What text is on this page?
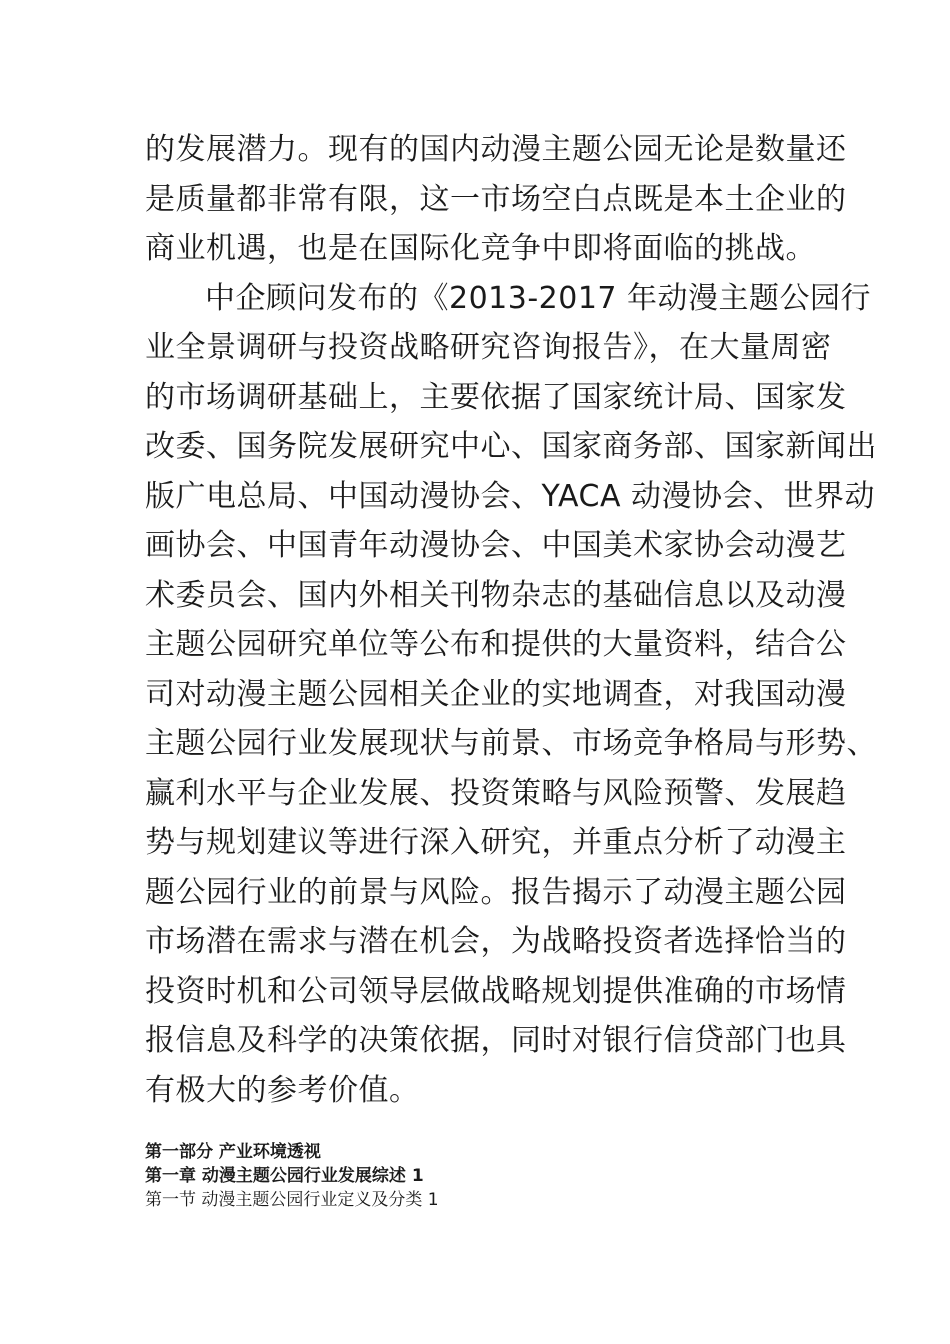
的发展潜力。现有的国内动漫主题公园无论是数量还
是质量都非常有限，这一市场空白点既是本土企业的
商业机遇，也是在国际化竞争中即将面临的挑战。
中企顾问发布的《2013-2017 年动漫主题公园行
业全景调研与投资战略研究咨询报告》，在大量周密
的市场调研基础上，主要依据了国家统计局、国家发
改委、国务院发展研究中心、国家商务部、国家新闻出
版广电总局、中国动漫协会、YACA 动漫协会、世界动
画协会、中国青年动漫协会、中国美术家协会动漫艺
术委员会、国内外相关刊物杂志的基础信息以及动漫
主题公园研究单位等公布和提供的大量资料，结合公
司对动漫主题公园相关企业的实地调查，对我国动漫
主题公园行业发展现状与前景、市场竞争格局与形势、
赢利水平与企业发展、投资策略与风险预警、发展趋
势与规划建议等进行深入研究，并重点分析了动漫主
题公园行业的前景与风险。报告揭示了动漫主题公园
市场潜在需求与潜在机会，为战略投资者选择恰当的
投资时机和公司领导层做战略规划提供准确的市场情
报信息及科学的决策依据，同时对银行信贷部门也具
有极大的参考价值。
第一部分 产业环境透视
第一章 动漫主题公园行业发展综述 1
第一节 动漫主题公园行业定义及分类 1
